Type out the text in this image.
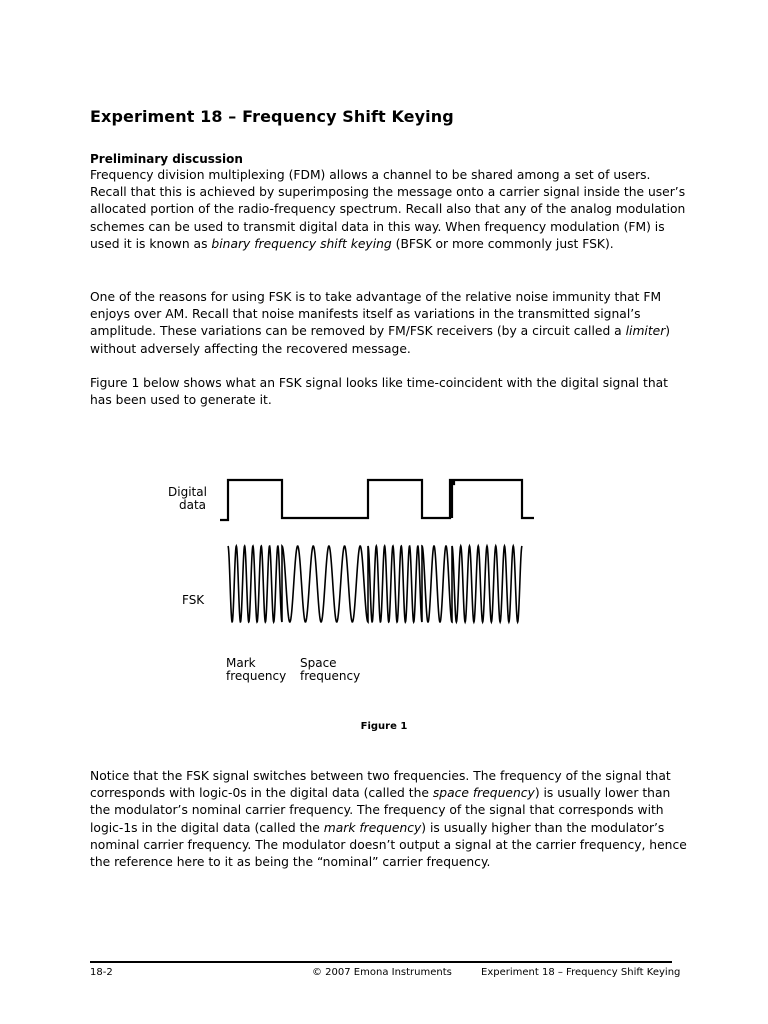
Experiment 18 – Frequency Shift Keying
Preliminary discussion
Frequency division multiplexing (FDM) allows a channel to be shared among a set of users. Recall that this is achieved by superimposing the message onto a carrier signal inside the user’s allocated portion of the radio-frequency spectrum. Recall also that any of the analog modulation schemes can be used to transmit digital data in this way. When frequency modulation (FM) is used it is known as binary frequency shift keying (BFSK or more commonly just FSK).
One of the reasons for using FSK is to take advantage of the relative noise immunity that FM enjoys over AM. Recall that noise manifests itself as variations in the transmitted signal’s amplitude. These variations can be removed by FM/FSK receivers (by a circuit called a limiter) without adversely affecting the recovered message.
Figure 1 below shows what an FSK signal looks like time-coincident with the digital signal that has been used to generate it.
Digital
data
FSK
Mark
frequency
Space
frequency
Figure 1
Notice that the FSK signal switches between two frequencies. The frequency of the signal that corresponds with logic-0s in the digital data (called the space frequency) is usually lower than the modulator’s nominal carrier frequency. The frequency of the signal that corresponds with logic-1s in the digital data (called the mark frequency) is usually higher than the modulator’s nominal carrier frequency. The modulator doesn’t output a signal at the carrier frequency, hence the reference here to it as being the “nominal” carrier frequency.
18-2	© 2007 Emona Instruments	Experiment 18 – Frequency Shift Keying
